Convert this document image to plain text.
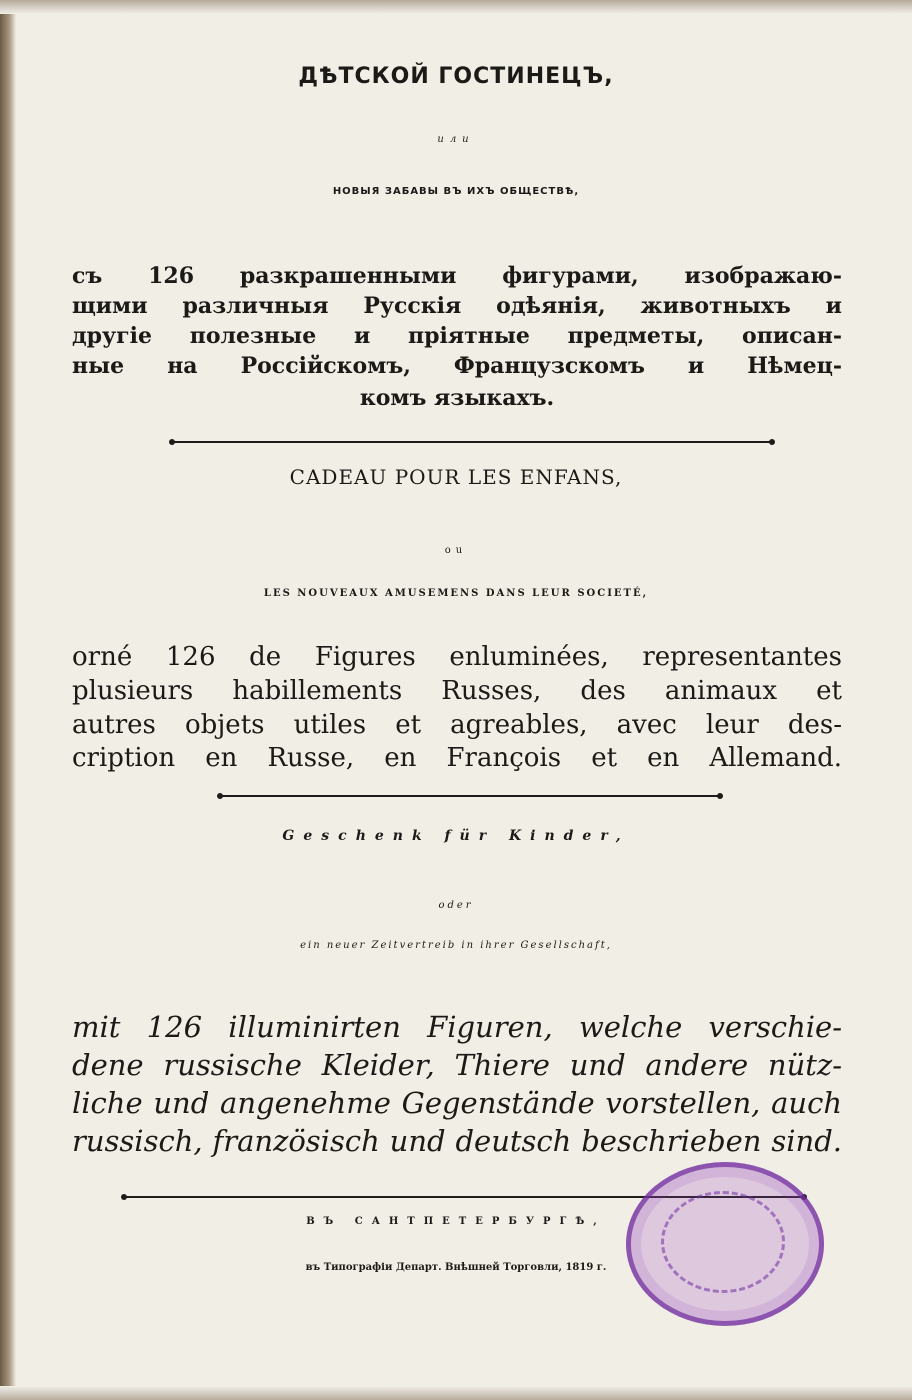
ДѢТСКОЙ ГОСТИНЕЦЪ,
или
НОВЫЯ ЗАБАВЫ ВЪ ИХЪ ОБЩЕСТВѢ,
съ 126 разкрашенными фигурами, изображаю-
щими различныя Русскія одѣянія, животныхъ и
другіе полезные и пріятные предметы, описан-
ные на Россійскомъ, Французскомъ и Нѣмец-
комъ языкахъ.
CADEAU POUR LES ENFANS,
ou
LES NOUVEAUX AMUSEMENS DANS LEUR SOCIETÉ,
orné 126 de Figures enluminées, representantes
plusieurs habillements Russes, des animaux et
autres objets utiles et agreables, avec leur des-
cription en Russe, en François et en Allemand.
Geschenk für Kinder,
oder
ein neuer Zeitvertreib in ihrer Gesellschaft,
mit 126 illuminirten Figuren, welche verschie-
dene russische Kleider, Thiere und andere nütz-
liche und angenehme Gegenstände vorstellen, auch
russisch, französisch und deutsch beschrieben sind.
ВЪ САНТПЕТЕРБУРГѢ,
въ Типографіи Департ. Внѣшней Торговли, 1819 г.
